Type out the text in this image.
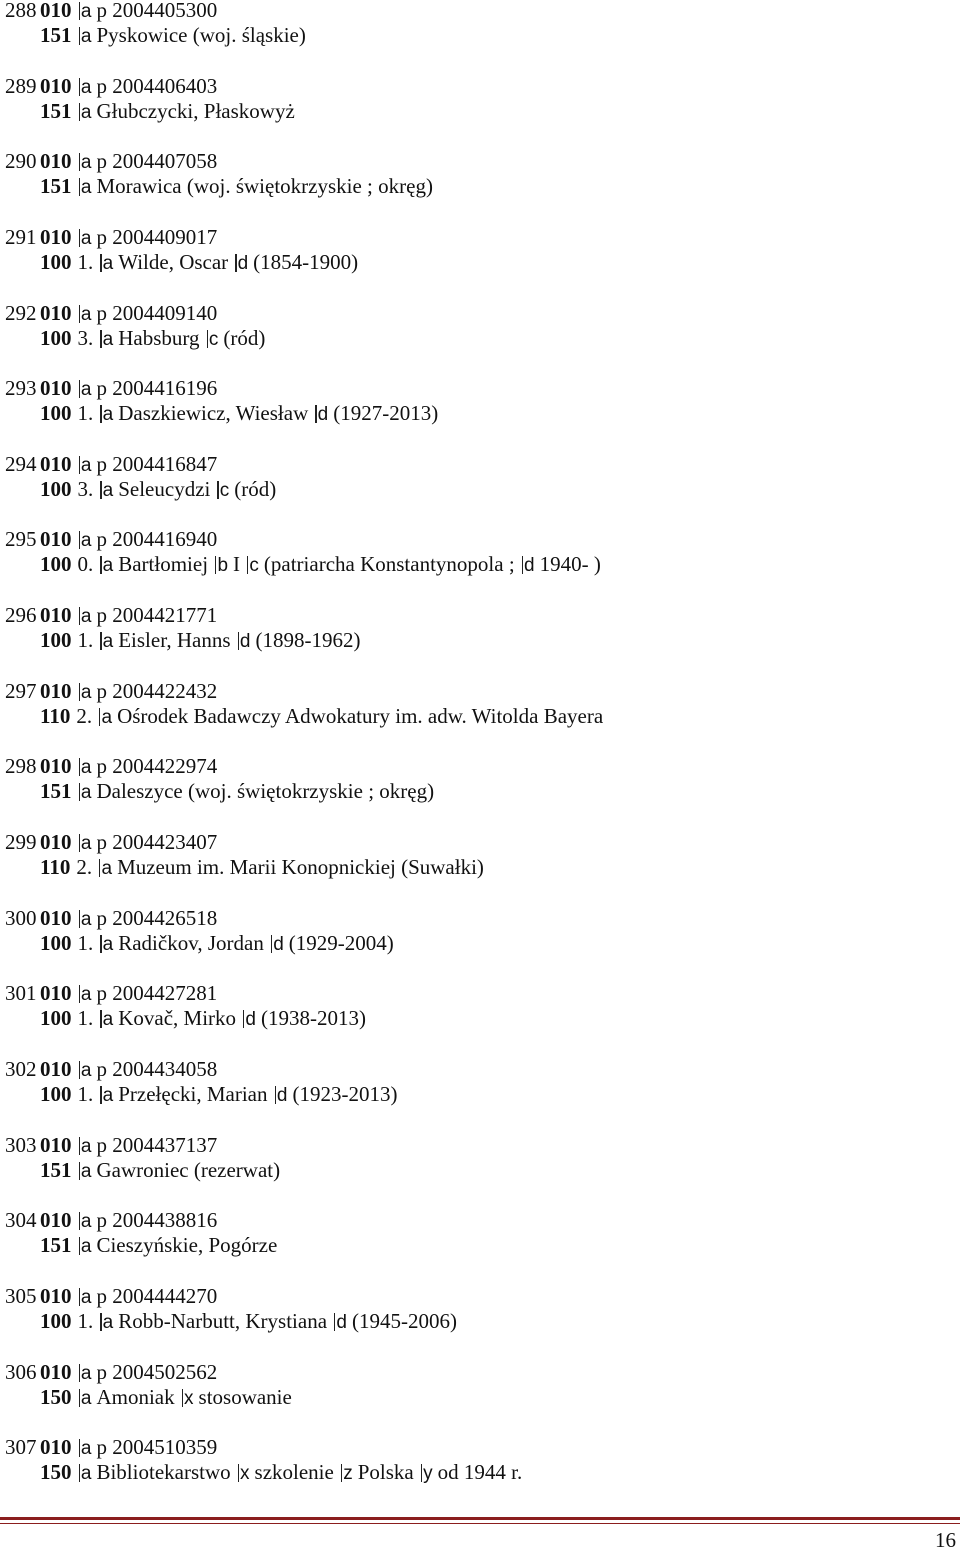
288 010 a p 2004405300
151 a Pyskowice (woj. śląskie)
289 010 a p 2004406403
151 a Głubczycki, Płaskowyż
290 010 a p 2004407058
151 a Morawica (woj. świętokrzyskie ; okręg)
291 010 a p 2004409017
100 1. a Wilde, Oscar d (1854-1900)
292 010 a p 2004409140
100 3. a Habsburg c (ród)
293 010 a p 2004416196
100 1. a Daszkiewicz, Wiesław d (1927-2013)
294 010 a p 2004416847
100 3. a Seleucydzi c (ród)
295 010 a p 2004416940
100 0. a Bartłomiej b I c (patriarcha Konstantynopola ; d 1940- )
296 010 a p 2004421771
100 1. a Eisler, Hanns d (1898-1962)
297 010 a p 2004422432
110 2. a Ośrodek Badawczy Adwokatury im. adw. Witolda Bayera
298 010 a p 2004422974
151 a Daleszyce (woj. świętokrzyskie ; okręg)
299 010 a p 2004423407
110 2. a Muzeum im. Marii Konopnickiej (Suwałki)
300 010 a p 2004426518
100 1. a Radičkov, Jordan d (1929-2004)
301 010 a p 2004427281
100 1. a Kovač, Mirko d (1938-2013)
302 010 a p 2004434058
100 1. a Przełęcki, Marian d (1923-2013)
303 010 a p 2004437137
151 a Gawroniec (rezerwat)
304 010 a p 2004438816
151 a Cieszyńskie, Pogórze
305 010 a p 2004444270
100 1. a Robb-Narbutt, Krystiana d (1945-2006)
306 010 a p 2004502562
150 a Amoniak x stosowanie
307 010 a p 2004510359
150 a Bibliotekarstwo x szkolenie z Polska y od 1944 r.
16
